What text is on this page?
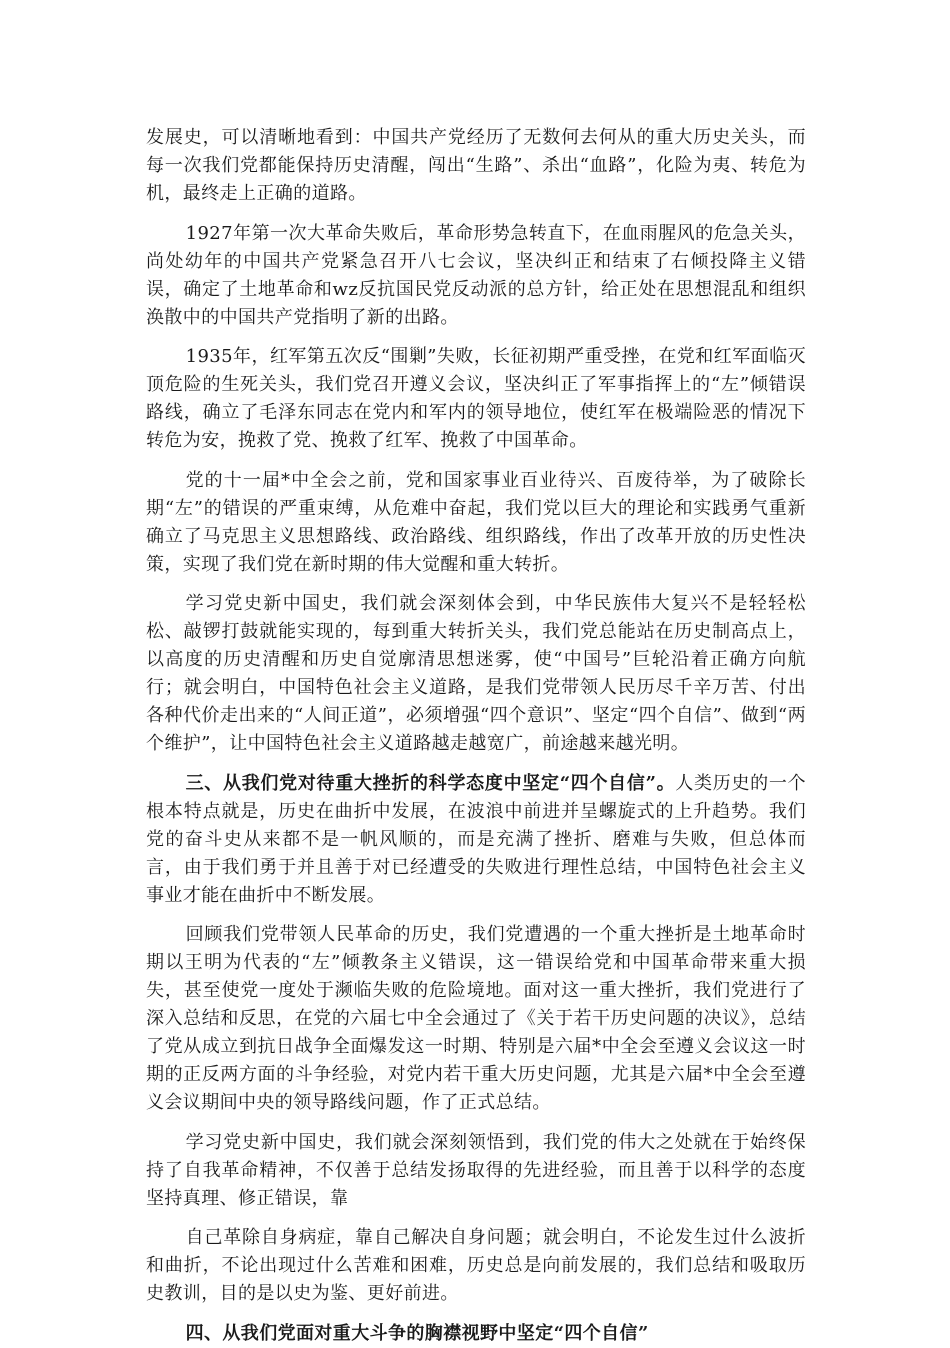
发展史，可以清晰地看到：中国共产党经历了无数何去何从的重大历史关头，而每一次我们党都能保持历史清醒，闯出“生路”、杀出“血路”，化险为夷、转危为机，最终走上正确的道路。

1927年第一次大革命失败后，革命形势急转直下，在血雨腥风的危急关头，尚处幼年的中国共产党紧急召开八七会议，坚决纠正和结束了右倾投降主义错误，确定了土地革命和wz反抗国民党反动派的总方针，给正处在思想混乱和组织涣散中的中国共产党指明了新的出路。

1935年，红军第五次反“围剿”失败，长征初期严重受挫，在党和红军面临灭顶危险的生死关头，我们党召开遵义会议，坚决纠正了军事指挥上的“左”倾错误路线，确立了毛泽东同志在党内和军内的领导地位，使红军在极端险恶的情况下转危为安，挽救了党、挽救了红军、挽救了中国革命。

党的十一届*中全会之前，党和国家事业百业待兴、百废待举，为了破除长期“左”的错误的严重束缚，从危难中奋起，我们党以巨大的理论和实践勇气重新确立了马克思主义思想路线、政治路线、组织路线，作出了改革开放的历史性决策，实现了我们党在新时期的伟大觉醒和重大转折。

学习党史新中国史，我们就会深刻体会到，中华民族伟大复兴不是轻轻松松、敲锣打鼓就能实现的，每到重大转折关头，我们党总能站在历史制高点上，以高度的历史清醒和历史自觉廓清思想迷雾，使“中国号”巨轮沿着正确方向航行；就会明白，中国特色社会主义道路，是我们党带领人民历尽千辛万苦、付出各种代价走出来的“人间正道”，必须增强“四个意识”、坚定“四个自信”、做到“两个维护”，让中国特色社会主义道路越走越宽广，前途越来越光明。

三、从我们党对待重大挫折的科学态度中坚定“四个自信”。人类历史的一个根本特点就是，历史在曲折中发展，在波浪中前进并呈螺旋式的上升趋势。我们党的奋斗史从来都不是一帆风顺的，而是充满了挫折、磨难与失败，但总体而言，由于我们勇于并且善于对已经遭受的失败进行理性总结，中国特色社会主义事业才能在曲折中不断发展。

回顾我们党带领人民革命的历史，我们党遭遇的一个重大挫折是土地革命时期以王明为代表的“左”倾教条主义错误，这一错误给党和中国革命带来重大损失，甚至使党一度处于濒临失败的危险境地。面对这一重大挫折，我们党进行了深入总结和反思，在党的六届七中全会通过了《关于若干历史问题的决议》，总结了党从成立到抗日战争全面爆发这一时期、特别是六届*中全会至遵义会议这一时期的正反两方面的斗争经验，对党内若干重大历史问题，尤其是六届*中全会至遵义会议期间中央的领导路线问题，作了正式总结。

学习党史新中国史，我们就会深刻领悟到，我们党的伟大之处就在于始终保持了自我革命精神，不仅善于总结发扬取得的先进经验，而且善于以科学的态度坚持真理、修正错误，靠

自己革除自身病症，靠自己解决自身问题；就会明白，不论发生过什么波折和曲折，不论出现过什么苦难和困难，历史总是向前发展的，我们总结和吸取历史教训，目的是以史为鉴、更好前进。

四、从我们党面对重大斗争的胸襟视野中坚定“四个自信”
